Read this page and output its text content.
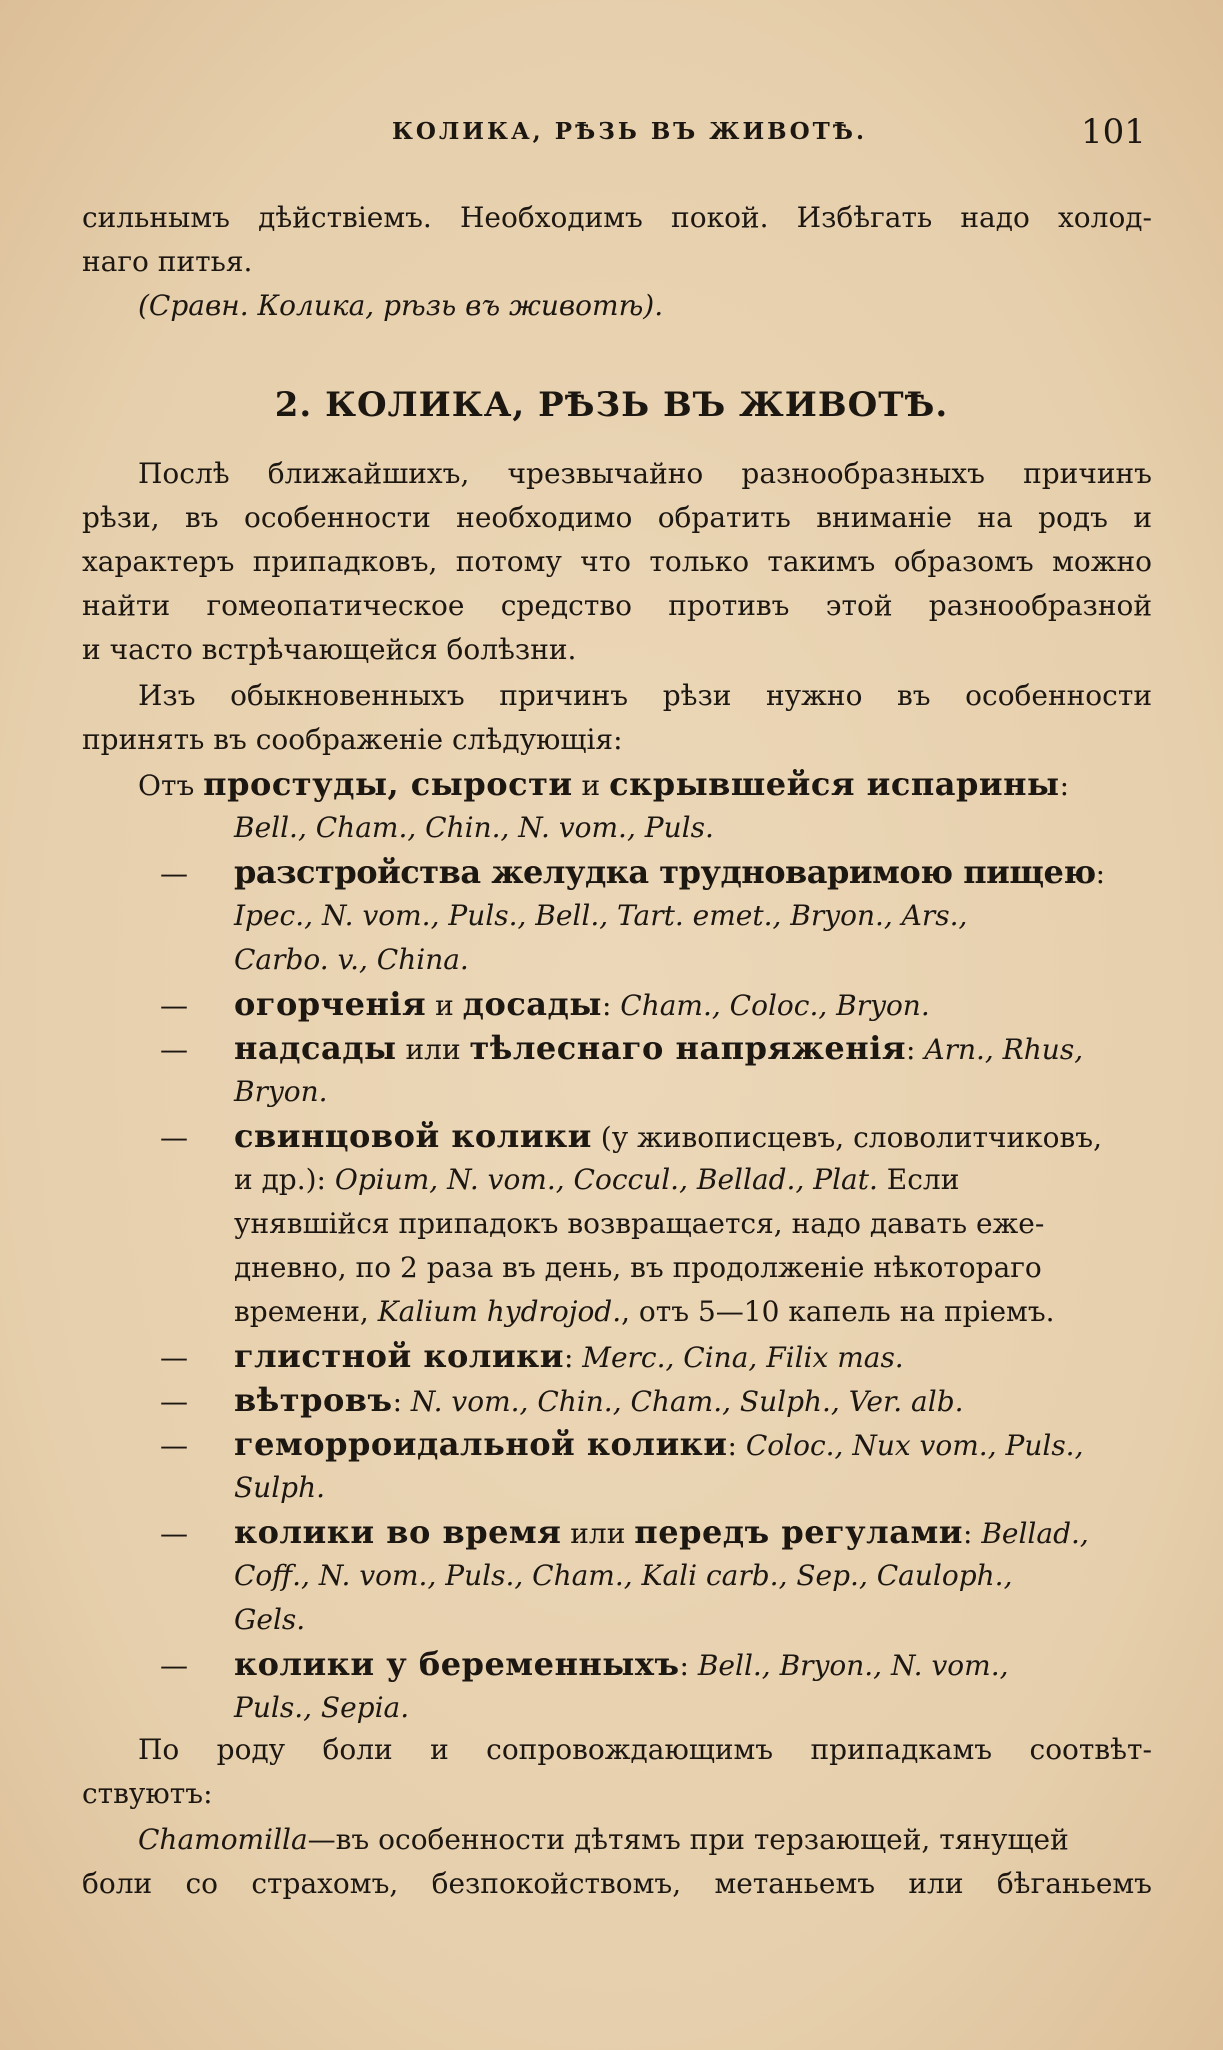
КОЛИКА, РѢЗЬ ВЪ ЖИВОТѢ.	101
сильнымъ дѣйствіемъ. Необходимъ покой. Избѣгать надо холод-
наго питья.
(Сравн. Колика, рѣзь въ животѣ).
2. КОЛИКА, РѢЗЬ ВЪ ЖИВОТѢ.
Послѣ ближайшихъ, чрезвычайно разнообразныхъ причинъ
рѣзи, въ особенности необходимо обратить вниманіе на родъ и
характеръ припадковъ, потому что только такимъ образомъ можно
найти гомеопатическое средство противъ этой разнообразной
и часто встрѣчающейся болѣзни.
Изъ обыкновенныхъ причинъ рѣзи нужно въ особенности
принять въ соображеніе слѣдующія:
Отъ простуды, сырости и скрывшейся испарины:
Bell., Cham., Chin., N. vom., Puls.
— разстройства желудка трудноваримою пищею:
Ipec., N. vom., Puls., Bell., Tart. emet., Bryon., Ars.,
Carbo. v., China.
— огорченія и досады: Cham., Coloc., Bryon.
— надсады или тѣлеснаго напряженія: Arn., Rhus,
Bryon.
— свинцовой колики (у живописцевъ, словолитчиковъ,
и др.): Opium, N. vom., Coccul., Bellad., Plat. Если
унявшійся припадокъ возвращается, надо давать еже-
дневно, по 2 раза въ день, въ продолженіе нѣкотораго
времени, Kalium hydrojod., отъ 5—10 капель на пріемъ.
— глистной колики: Merc., Cina, Filix mas.
— вѣтровъ: N. vom., Chin., Cham., Sulph., Ver. alb.
— геморроидальной колики: Coloc., Nux vom., Puls.,
Sulph.
— колики во время или передъ регулами: Bellad.,
Coff., N. vom., Puls., Cham., Kali carb., Sep., Caulоph.,
Gels.
— колики у беременныхъ: Bell., Bryon., N. vom.,
Puls., Sepia.
По роду боли и сопровождающимъ припадкамъ соотвѣт-
ствуютъ:
Chamomilla—въ особенности дѣтямъ при терзающей, тянущей
боли со страхомъ, безпокойствомъ, метаньемъ или бѣганьемъ
